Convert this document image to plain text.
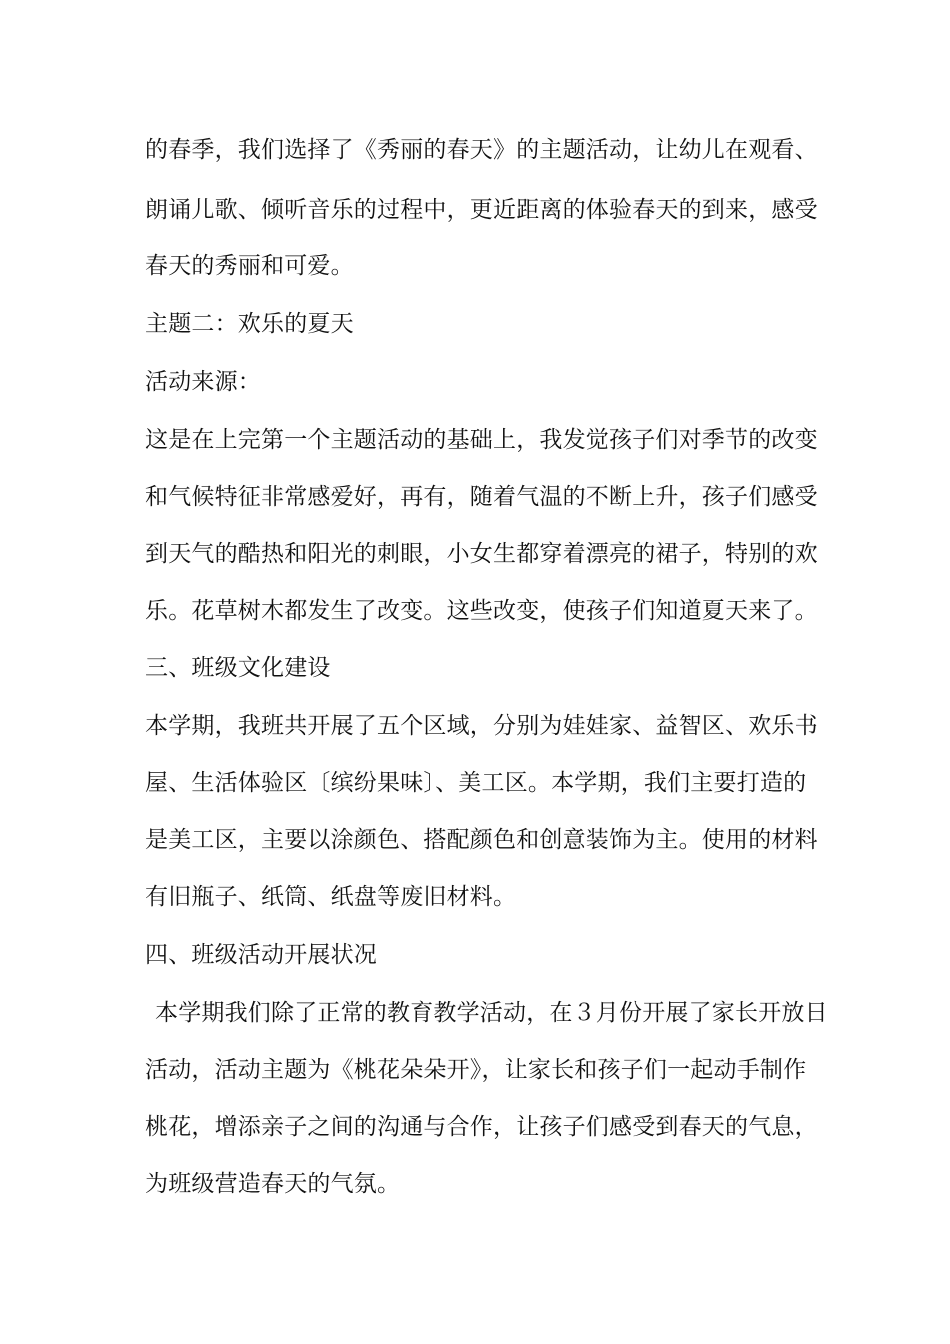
的春季，我们选择了《秀丽的春天》的主题活动，让幼儿在观看、
朗诵儿歌、倾听音乐的过程中，更近距离的体验春天的到来，感受
春天的秀丽和可爱。
主题二：欢乐的夏天
活动来源：
这是在上完第一个主题活动的基础上，我发觉孩子们对季节的改变
和气候特征非常感爱好，再有，随着气温的不断上升，孩子们感受
到天气的酷热和阳光的刺眼，小女生都穿着漂亮的裙子，特别的欢
乐。花草树木都发生了改变。这些改变，使孩子们知道夏天来了。
三、班级文化建设
本学期，我班共开展了五个区域，分别为娃娃家、益智区、欢乐书
屋、生活体验区〔缤纷果味〕、美工区。本学期，我们主要打造的
是美工区，主要以涂颜色、搭配颜色和创意装饰为主。使用的材料
有旧瓶子、纸筒、纸盘等废旧材料。
四、班级活动开展状况
本学期我们除了正常的教育教学活动，在３月份开展了家长开放日
活动，活动主题为《桃花朵朵开》，让家长和孩子们一起动手制作
桃花，增添亲子之间的沟通与合作，让孩子们感受到春天的气息，
为班级营造春天的气氛。
